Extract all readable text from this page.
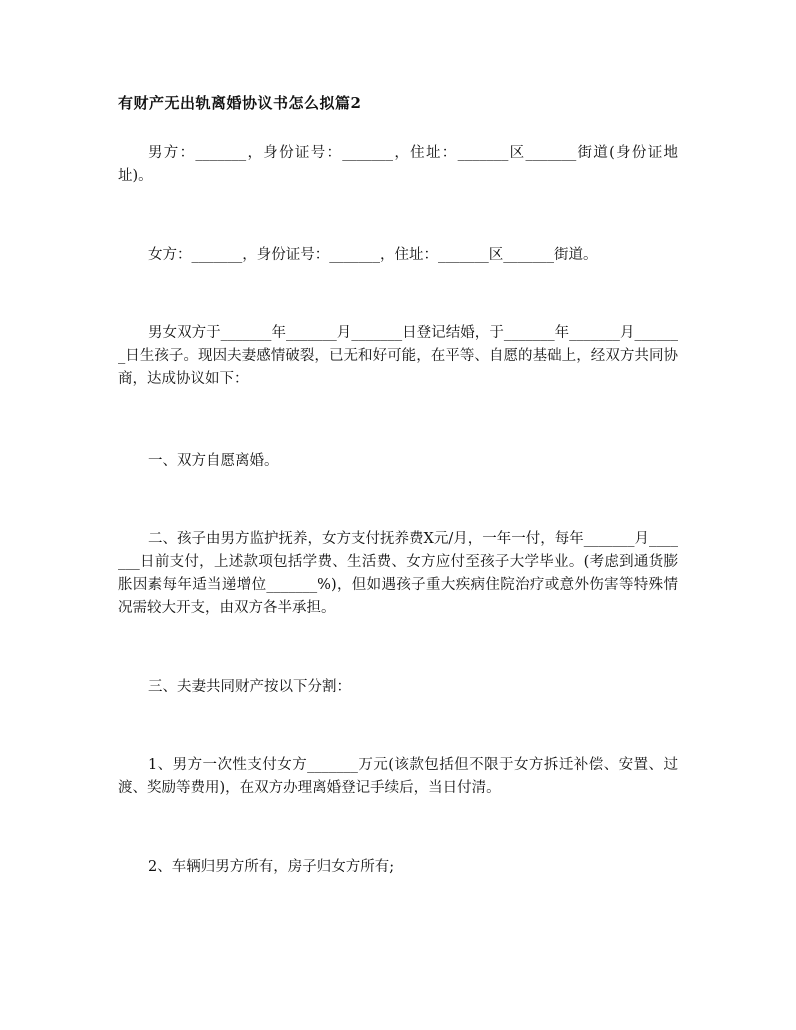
有财产无出轨离婚协议书怎么拟篇2

男方：_______，身份证号：_______，住址：_______区_______街道(身份证地址)。

女方：_______，身份证号：_______，住址：_______区_______街道。

男女双方于_______年_______月_______日登记结婚，于_______年_______月_______日生孩子。现因夫妻感情破裂，已无和好可能，在平等、自愿的基础上，经双方共同协商，达成协议如下：

一、双方自愿离婚。

二、孩子由男方监护抚养，女方支付抚养费X元/月，一年一付，每年_______月_______日前支付，上述款项包括学费、生活费、女方应付至孩子大学毕业。(考虑到通货膨胀因素每年适当递增位_______%)，但如遇孩子重大疾病住院治疗或意外伤害等特殊情况需较大开支，由双方各半承担。

三、夫妻共同财产按以下分割：

1、男方一次性支付女方_______万元(该款包括但不限于女方拆迁补偿、安置、过渡、奖励等费用)，在双方办理离婚登记手续后，当日付清。

2、车辆归男方所有，房子归女方所有;
